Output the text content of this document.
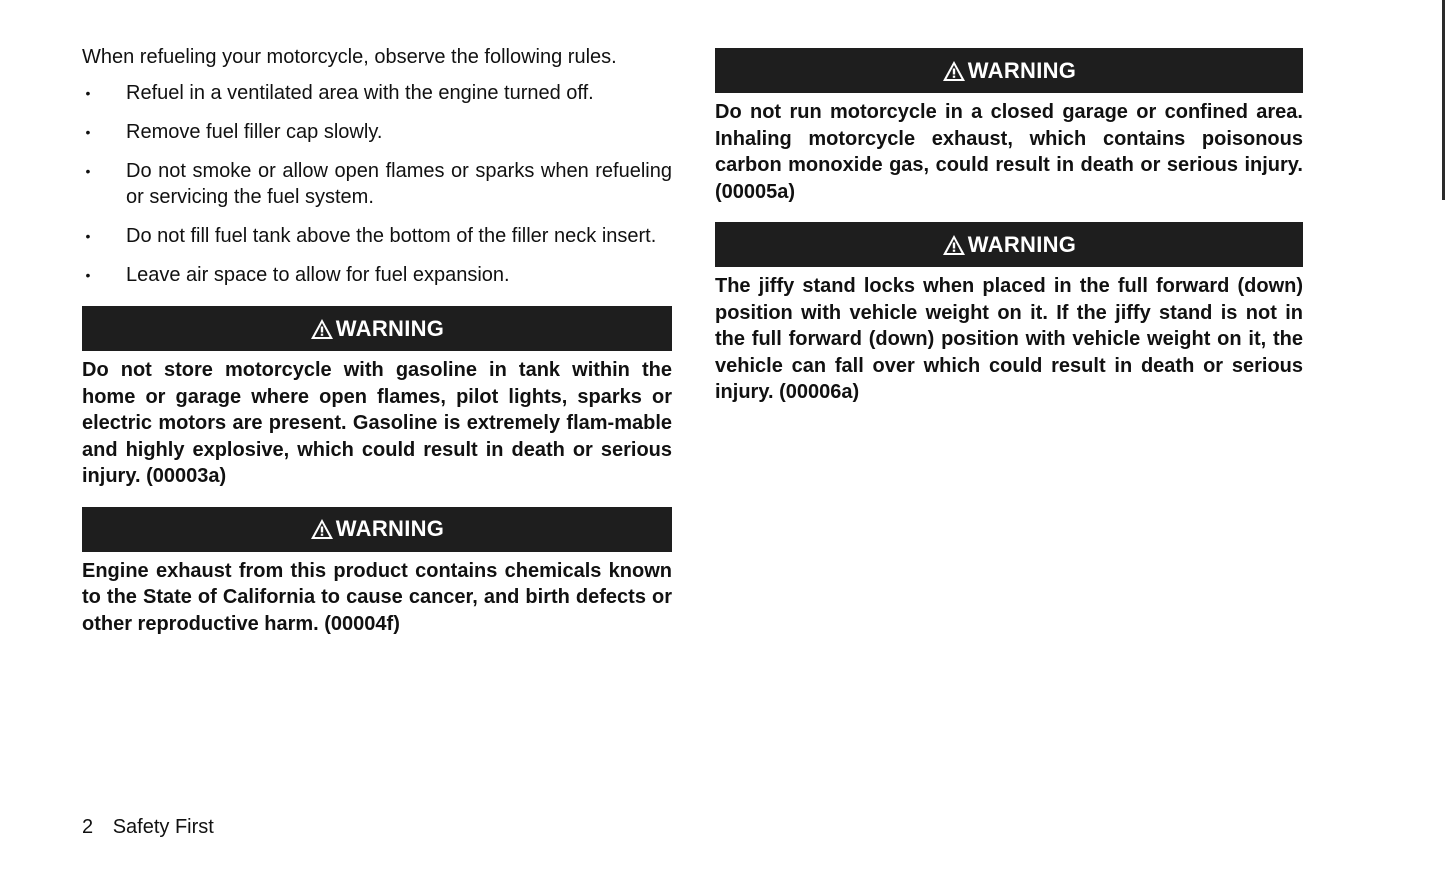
When refueling your motorcycle, observe the following rules.

• Refuel in a ventilated area with the engine turned off.
• Remove fuel filler cap slowly.
• Do not smoke or allow open flames or sparks when refueling or servicing the fuel system.
• Do not fill fuel tank above the bottom of the filler neck insert.
• Leave air space to allow for fuel expansion.
WARNING

Do not store motorcycle with gasoline in tank within the home or garage where open flames, pilot lights, sparks or electric motors are present. Gasoline is extremely flam-mable and highly explosive, which could result in death or serious injury. (00003a)

WARNING

Engine exhaust from this product contains chemicals known to the State of California to cause cancer, and birth defects or other reproductive harm. (00004f)

WARNING

Do not run motorcycle in a closed garage or confined area. Inhaling motorcycle exhaust, which contains poisonous carbon monoxide gas, could result in death or serious injury. (00005a)

WARNING

The jiffy stand locks when placed in the full forward (down) position with vehicle weight on it. If the jiffy stand is not in the full forward (down) position with vehicle weight on it, the vehicle can fall over which could result in death or serious injury. (00006a)

2 Safety First
